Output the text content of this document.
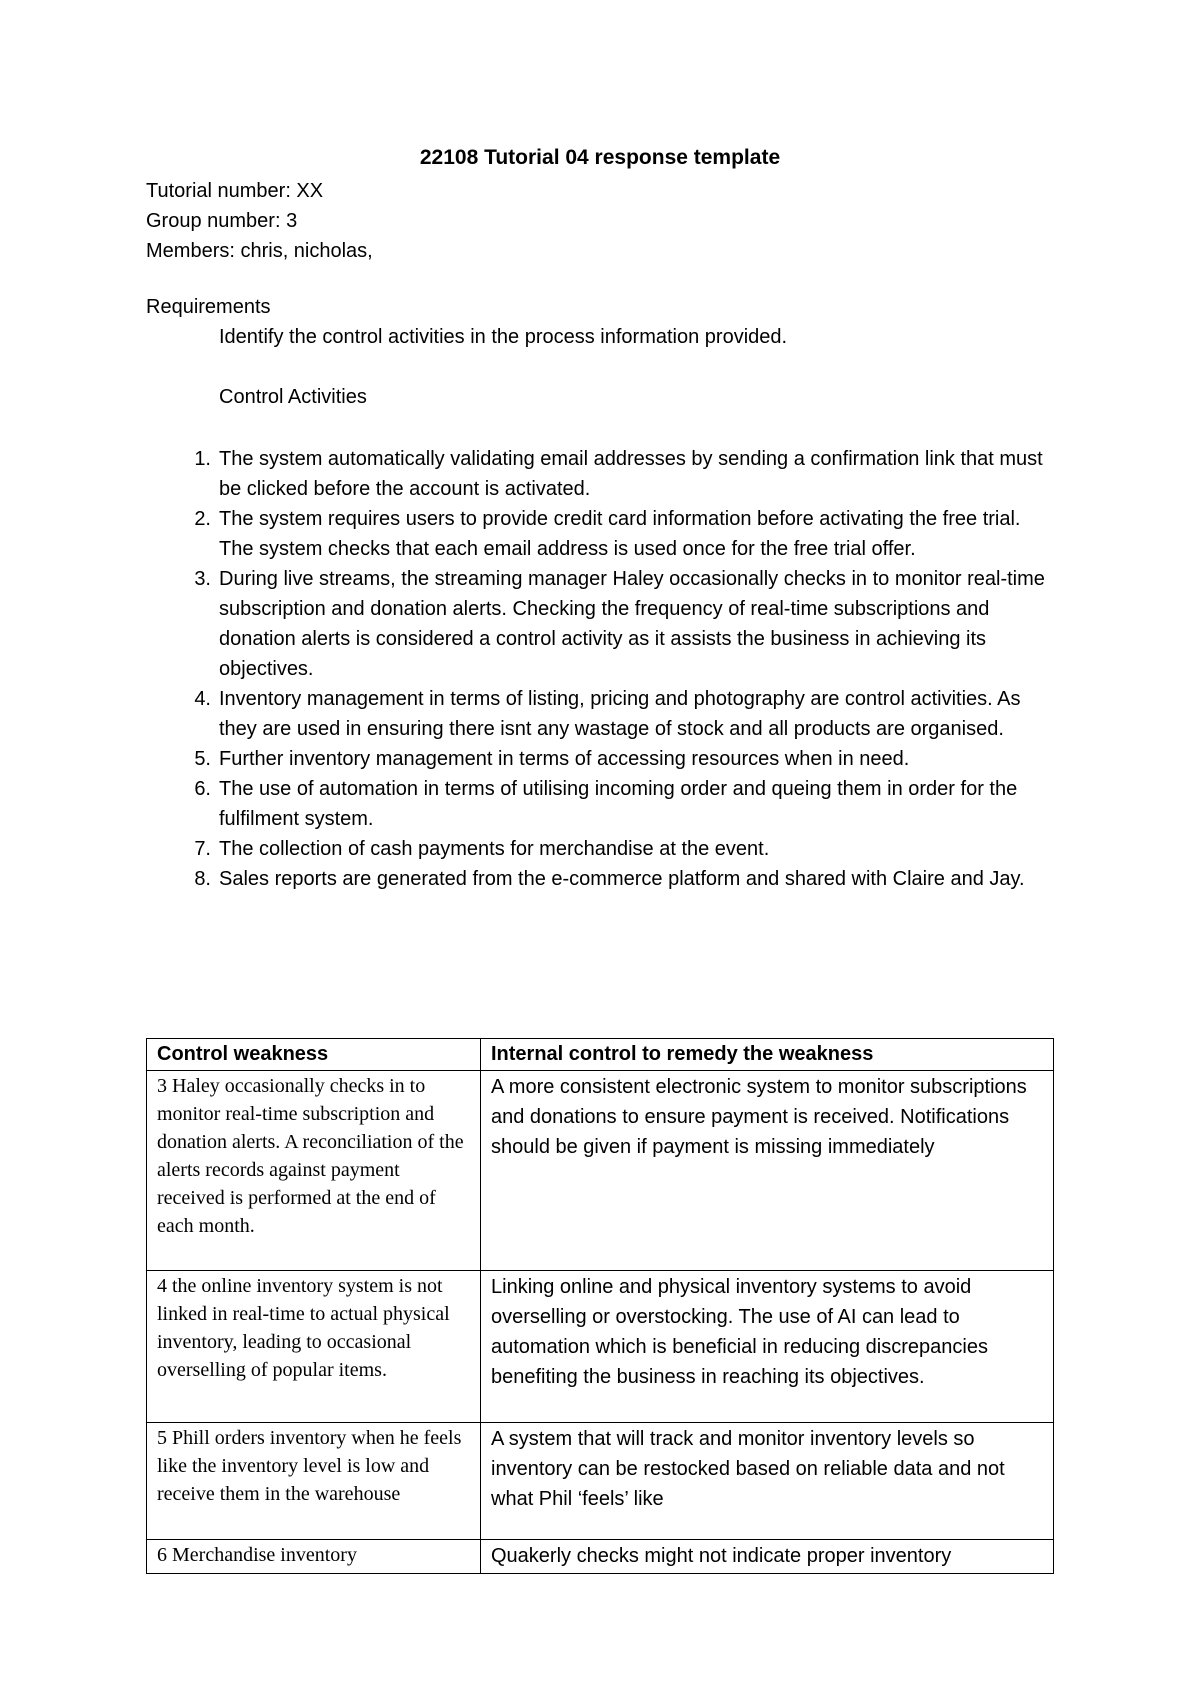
22108 Tutorial 04 response template
Tutorial number: XX
Group number: 3
Members: chris, nicholas,
Requirements
Identify the control activities in the process information provided.
Control Activities
1. The system automatically validating email addresses by sending a confirmation link that must be clicked before the account is activated.
2. The system requires users to provide credit card information before activating the free trial. The system checks that each email address is used once for the free trial offer.
3. During live streams, the streaming manager Haley occasionally checks in to monitor real-time subscription and donation alerts. Checking the frequency of real-time subscriptions and donation alerts is considered a control activity as it assists the business in achieving its objectives.
4. Inventory management in terms of listing, pricing and photography are control activities. As they are used in ensuring there isnt any wastage of stock and all products are organised.
5. Further inventory management in terms of accessing resources when in need.
6. The use of automation in terms of utilising incoming order and queing them in order for the fulfilment system.
7. The collection of cash payments for merchandise at the event.
8. Sales reports are generated from the e-commerce platform and shared with Claire and Jay.
Control weakness	Internal control to remedy the weakness
3 Haley occasionally checks in to monitor real-time subscription and donation alerts. A reconciliation of the alerts records against payment received is performed at the end of each month.	A more consistent electronic system to monitor subscriptions and donations to ensure payment is received. Notifications should be given if payment is missing immediately
4 the online inventory system is not linked in real-time to actual physical inventory, leading to occasional overselling of popular items.	Linking online and physical inventory systems to avoid overselling or overstocking. The use of AI can lead to automation which is beneficial in reducing discrepancies benefiting the business in reaching its objectives.
5 Phill orders inventory when he feels like the inventory level is low and receive them in the warehouse	A system that will track and monitor inventory levels so inventory can be restocked based on reliable data and not what Phil ‘feels’ like
6 Merchandise inventory	Quakerly checks might not indicate proper inventory
